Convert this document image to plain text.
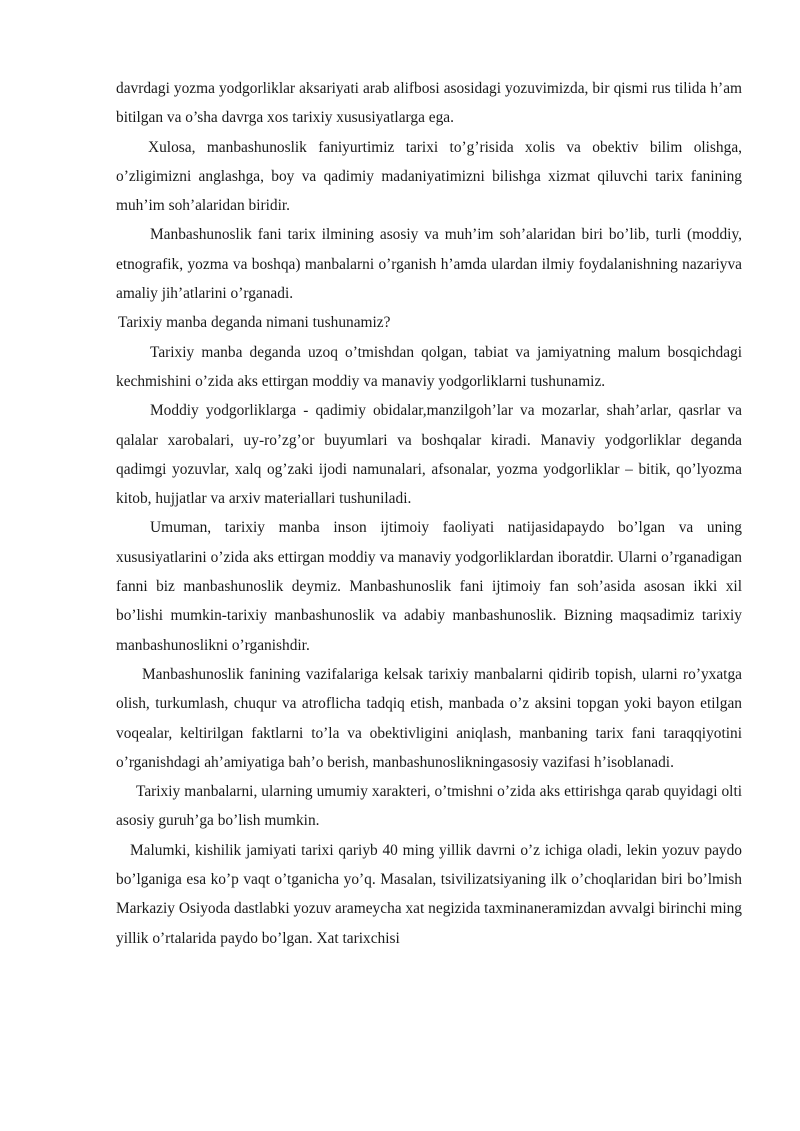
davrdagi yozma yodgorliklar aksariyati arab alifbosi asosidagi yozuvimizda, bir qismi rus tilida h’am bitilgan va o’sha davrga xos tarixiy xususiyatlarga ega.

Xulosa, manbashunoslik faniyurtimiz tarixi to’g’risida xolis va obektiv bilim olishga, o’zligimizni anglashga, boy va qadimiy madaniyatimizni bilishga xizmat qiluvchi tarix fanining muh’im soh’alaridan biridir.

Manbashunoslik fani tarix ilmining asosiy va muh’im soh’alaridan biri bo’lib, turli (moddiy, etnografik, yozma va boshqa) manbalarni o’rganish h’amda ulardan ilmiy foydalanishning nazariyva amaliy jih’atlarini o’rganadi.

Tarixiy manba deganda nimani tushunamiz?

Tarixiy manba deganda uzoq o’tmishdan qolgan, tabiat va jamiyatning malum bosqichdagi kechmishini o’zida aks ettirgan moddiy va manaviy yodgorliklarni tushunamiz.

Moddiy yodgorliklarga - qadimiy obidalar,manzilgoh’lar va mozarlar, shah’arlar, qasrlar va qalalar xarobalari, uy-ro’zg’or buyumlari va boshqalar kiradi. Manaviy yodgorliklar deganda qadimgi yozuvlar, xalq og’zaki ijodi namunalari, afsonalar, yozma yodgorliklar – bitik, qo’lyozma kitob, hujjatlar va arxiv materiallari tushuniladi.

Umuman, tarixiy manba inson ijtimoiy faoliyati natijasidapaydo bo’lgan va uning xususiyatlarini o’zida aks ettirgan moddiy va manaviy yodgorliklardan iboratdir. Ularni o’rganadigan fanni biz manbashunoslik deymiz. Manbashunoslik fani ijtimoiy fan soh’asida asosan ikki xil bo’lishi mumkin-tarixiy manbashunoslik va adabiy manbashunoslik. Bizning maqsadimiz tarixiy manbashunoslikni o’rganishdir.

Manbashunoslik fanining vazifalariga kelsak tarixiy manbalarni qidirib topish, ularni ro’yxatga olish, turkumlash, chuqur va atroflicha tadqiq etish, manbada o’z aksini topgan yoki bayon etilgan voqealar, keltirilgan faktlarni to’la va obektivligini aniqlash, manbaning tarix fani taraqqiyotini o’rganishdagi ah’amiyatiga bah’o berish, manbashunoslikningasosiy vazifasi h’isoblanadi.

Tarixiy manbalarni, ularning umumiy xarakteri, o’tmishni o’zida aks ettirishga qarab quyidagi olti asosiy guruh’ga bo’lish mumkin.

Malumki, kishilik jamiyati tarixi qariyb 40 ming yillik davrni o’z ichiga oladi, lekin yozuv paydo bo’lganiga esa ko’p vaqt o’tganicha yo’q. Masalan, tsivilizatsiyaning ilk o’choqlaridan biri bo’lmish Markaziy Osiyoda dastlabki yozuv arameycha xat negizida taxminaneramizdan avvalgi birinchi ming yillik o’rtalarida paydo bo’lgan. Xat tarixchisi
